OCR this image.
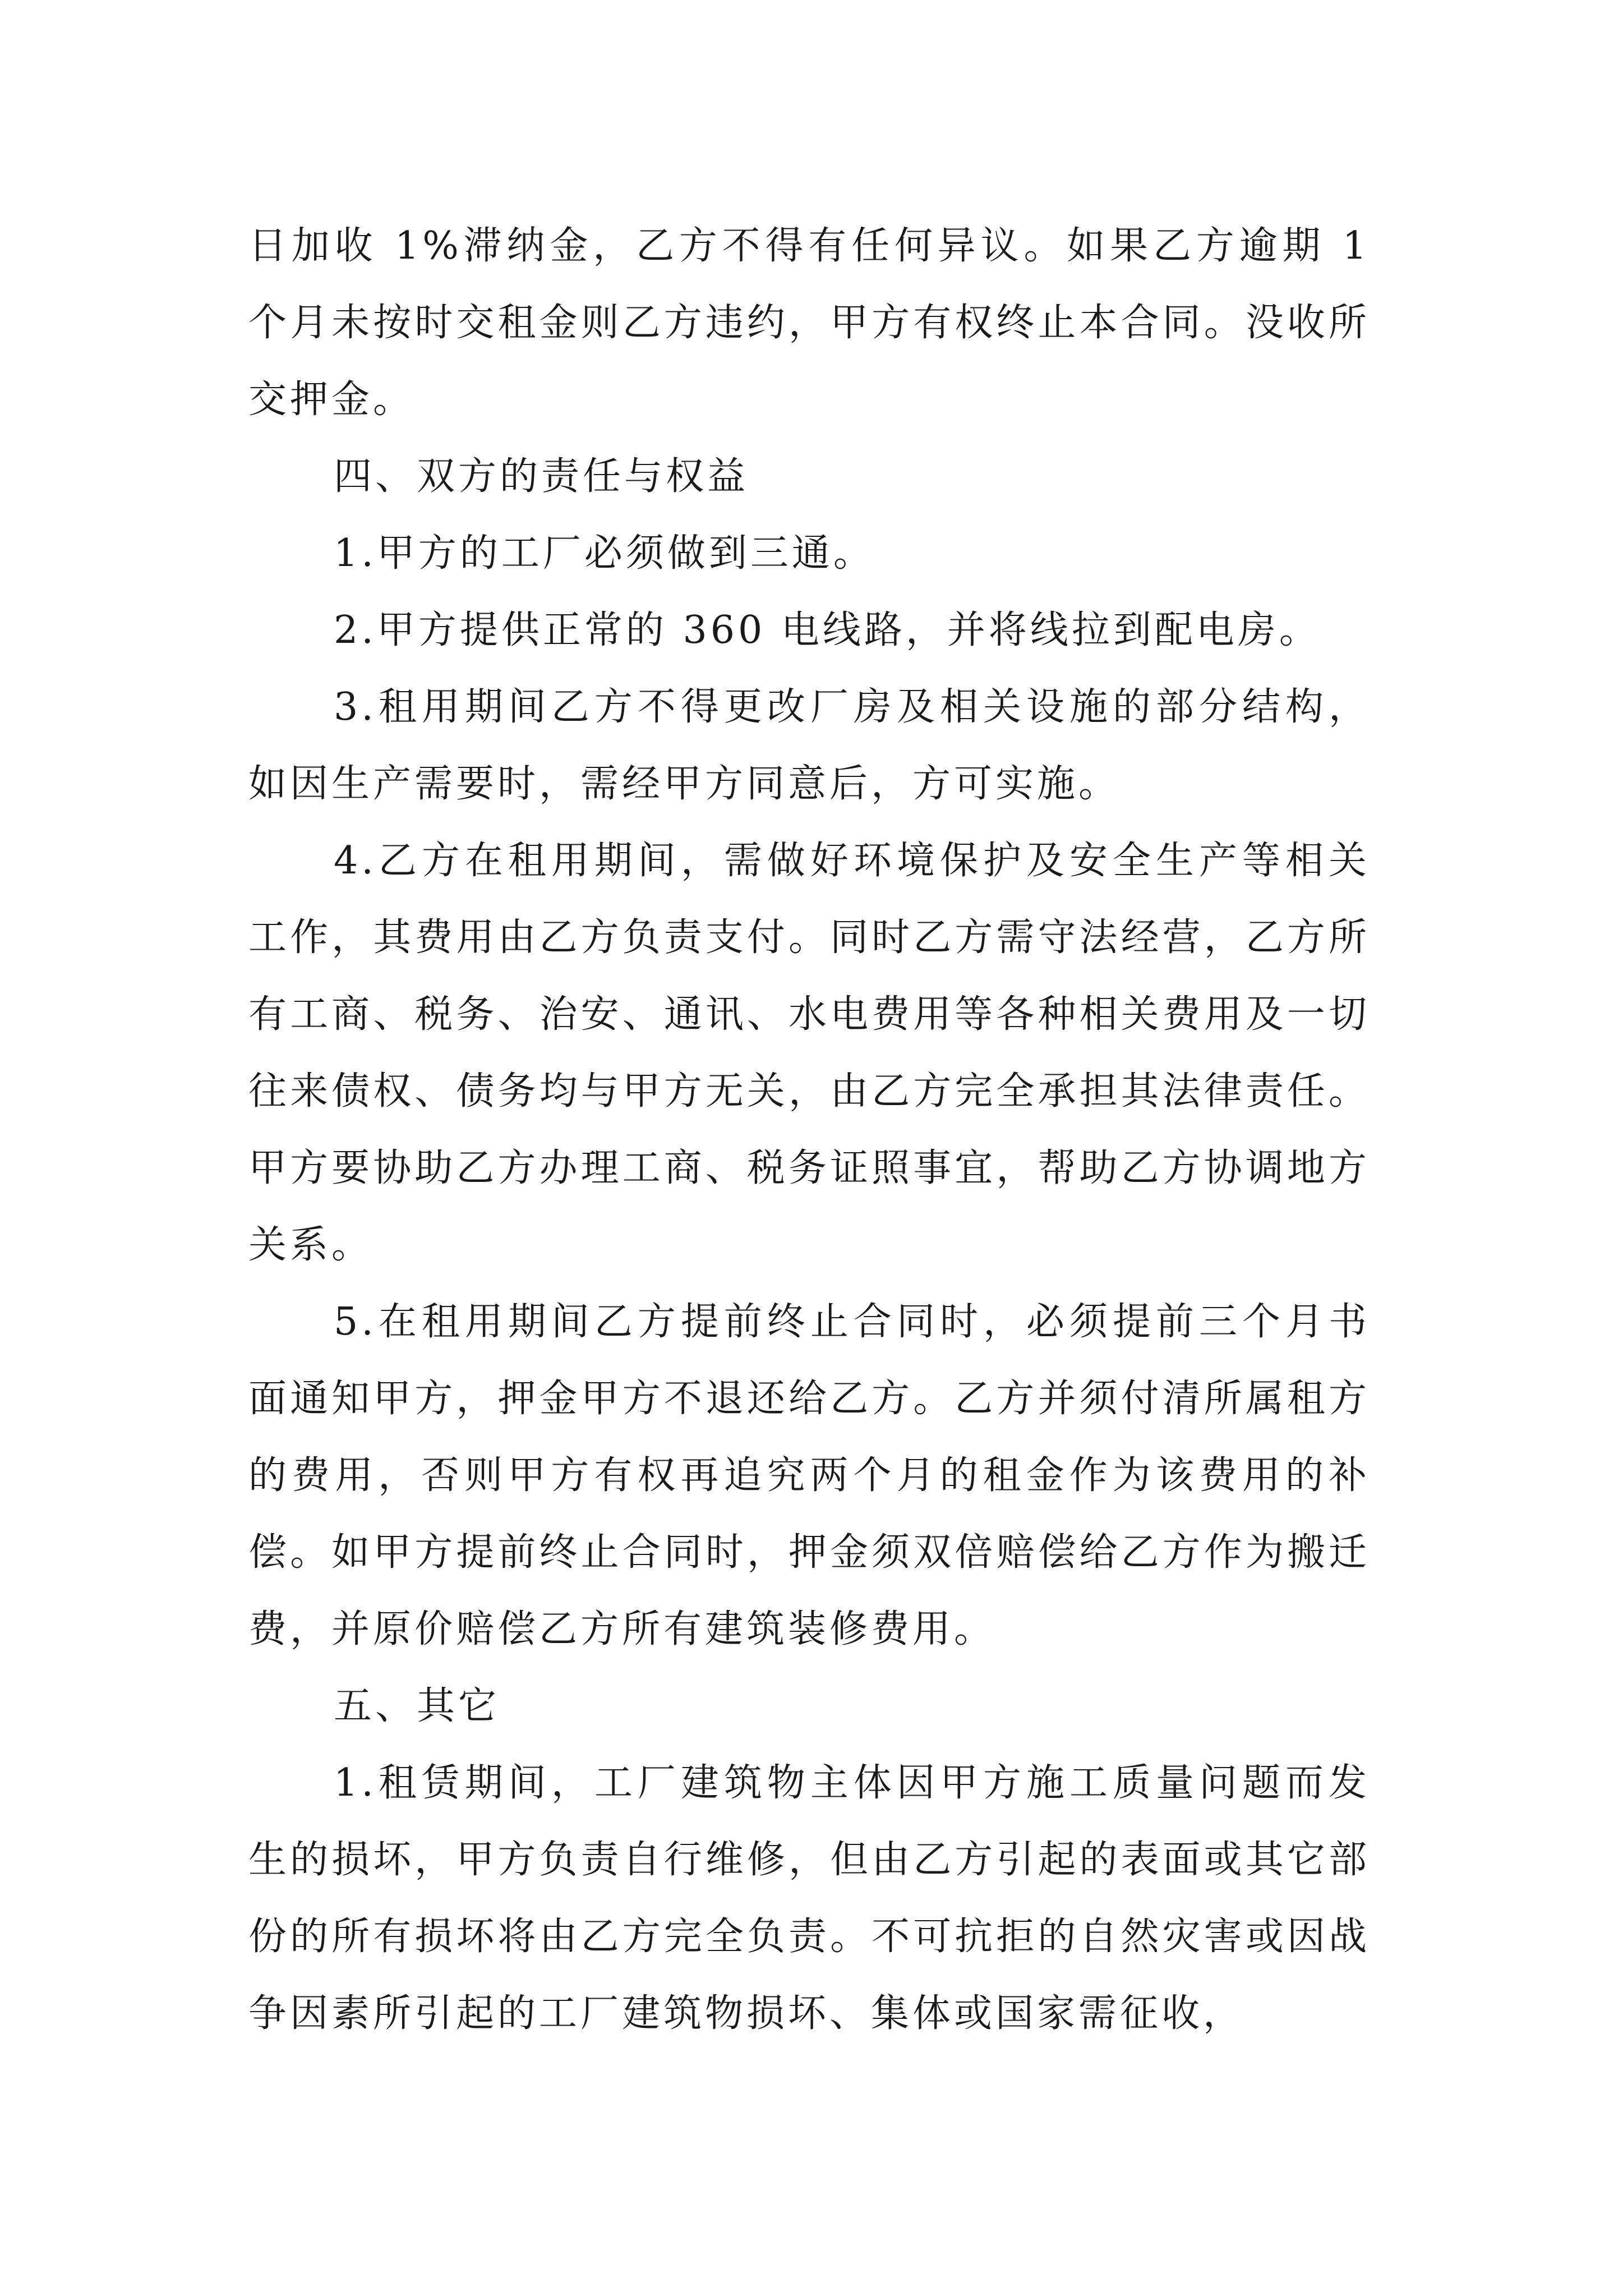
日加收 1%滞纳金，乙方不得有任何异议。如果乙方逾期 1 个月未按时交租金则乙方违约，甲方有权终止本合同。没收所交押金。

四、双方的责任与权益

1.甲方的工厂必须做到三通。

2.甲方提供正常的 360 电线路，并将线拉到配电房。

3.租用期间乙方不得更改厂房及相关设施的部分结构，如因生产需要时，需经甲方同意后，方可实施。

4.乙方在租用期间，需做好环境保护及安全生产等相关工作，其费用由乙方负责支付。同时乙方需守法经营，乙方所有工商、税务、治安、通讯、水电费用等各种相关费用及一切往来债权、债务均与甲方无关，由乙方完全承担其法律责任。甲方要协助乙方办理工商、税务证照事宜，帮助乙方协调地方关系。

5.在租用期间乙方提前终止合同时，必须提前三个月书面通知甲方，押金甲方不退还给乙方。乙方并须付清所属租方的费用，否则甲方有权再追究两个月的租金作为该费用的补偿。如甲方提前终止合同时，押金须双倍赔偿给乙方作为搬迁费，并原价赔偿乙方所有建筑装修费用。

五、其它

1.租赁期间，工厂建筑物主体因甲方施工质量问题而发生的损坏，甲方负责自行维修，但由乙方引起的表面或其它部份的所有损坏将由乙方完全负责。不可抗拒的自然灾害或因战争因素所引起的工厂建筑物损坏、集体或国家需征收，
